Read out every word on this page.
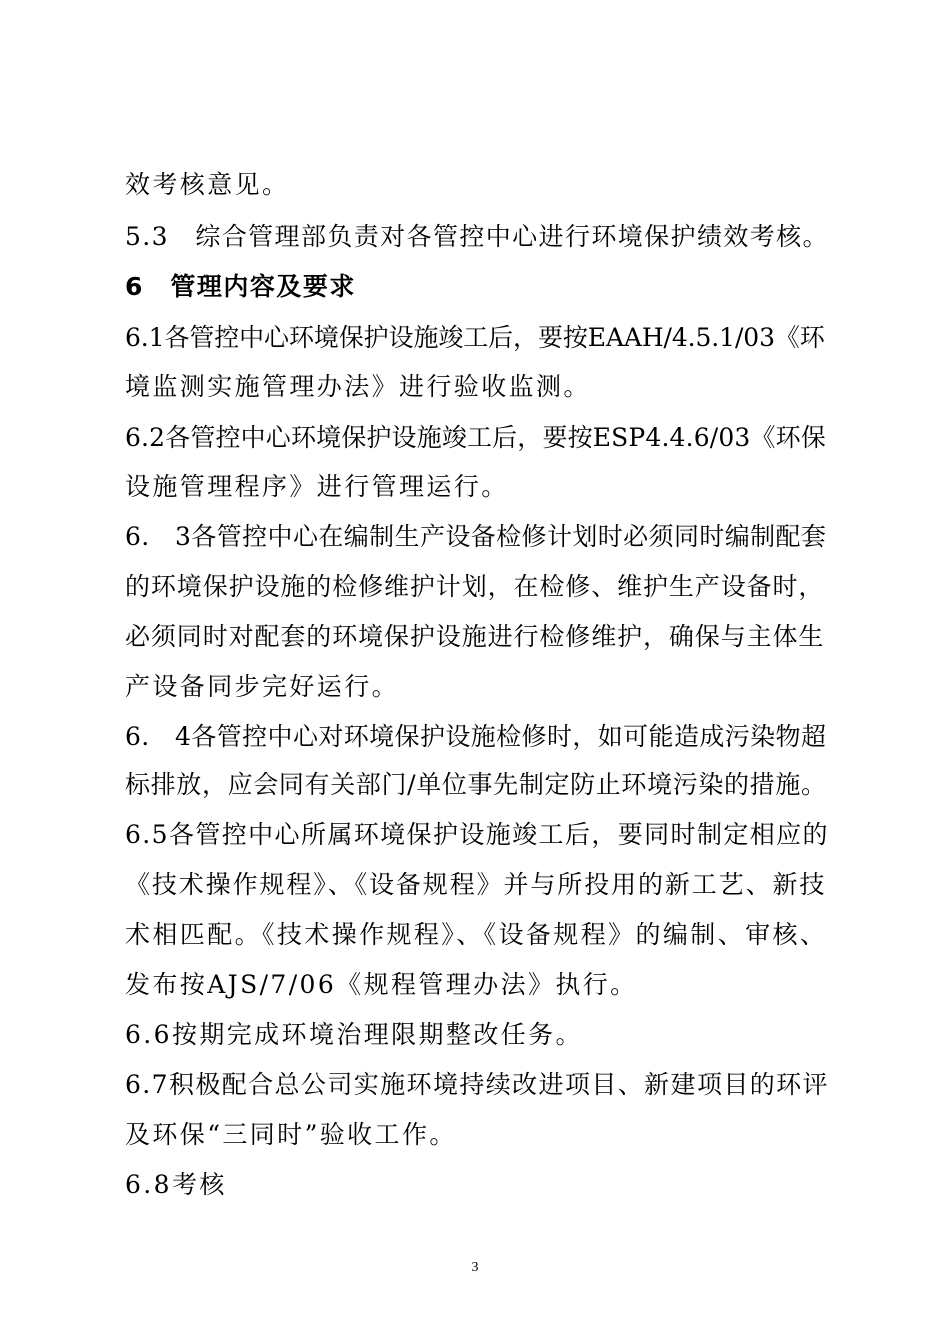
效考核意见。
5.3　综合管理部负责对各管控中心进行环境保护绩效考核。
6　管理内容及要求
6.1各管控中心环境保护设施竣工后，要按EAAH/4.5.1/03《环
境监测实施管理办法》进行验收监测。
6.2各管控中心环境保护设施竣工后，要按ESP4.4.6/03《环保
设施管理程序》进行管理运行。
6.　3各管控中心在编制生产设备检修计划时必须同时编制配套
的环境保护设施的检修维护计划，在检修、维护生产设备时，
必须同时对配套的环境保护设施进行检修维护，确保与主体生
产设备同步完好运行。
6.　4各管控中心对环境保护设施检修时，如可能造成污染物超
标排放，应会同有关部门/单位事先制定防止环境污染的措施。
6.5各管控中心所属环境保护设施竣工后，要同时制定相应的
《技术操作规程》、《设备规程》并与所投用的新工艺、新技
术相匹配。《技术操作规程》、《设备规程》的编制、审核、
发布按AJS/7/06《规程管理办法》执行。
6.6按期完成环境治理限期整改任务。
6.7积极配合总公司实施环境持续改进项目、新建项目的环评
及环保“三同时”验收工作。
6.8考核
3
